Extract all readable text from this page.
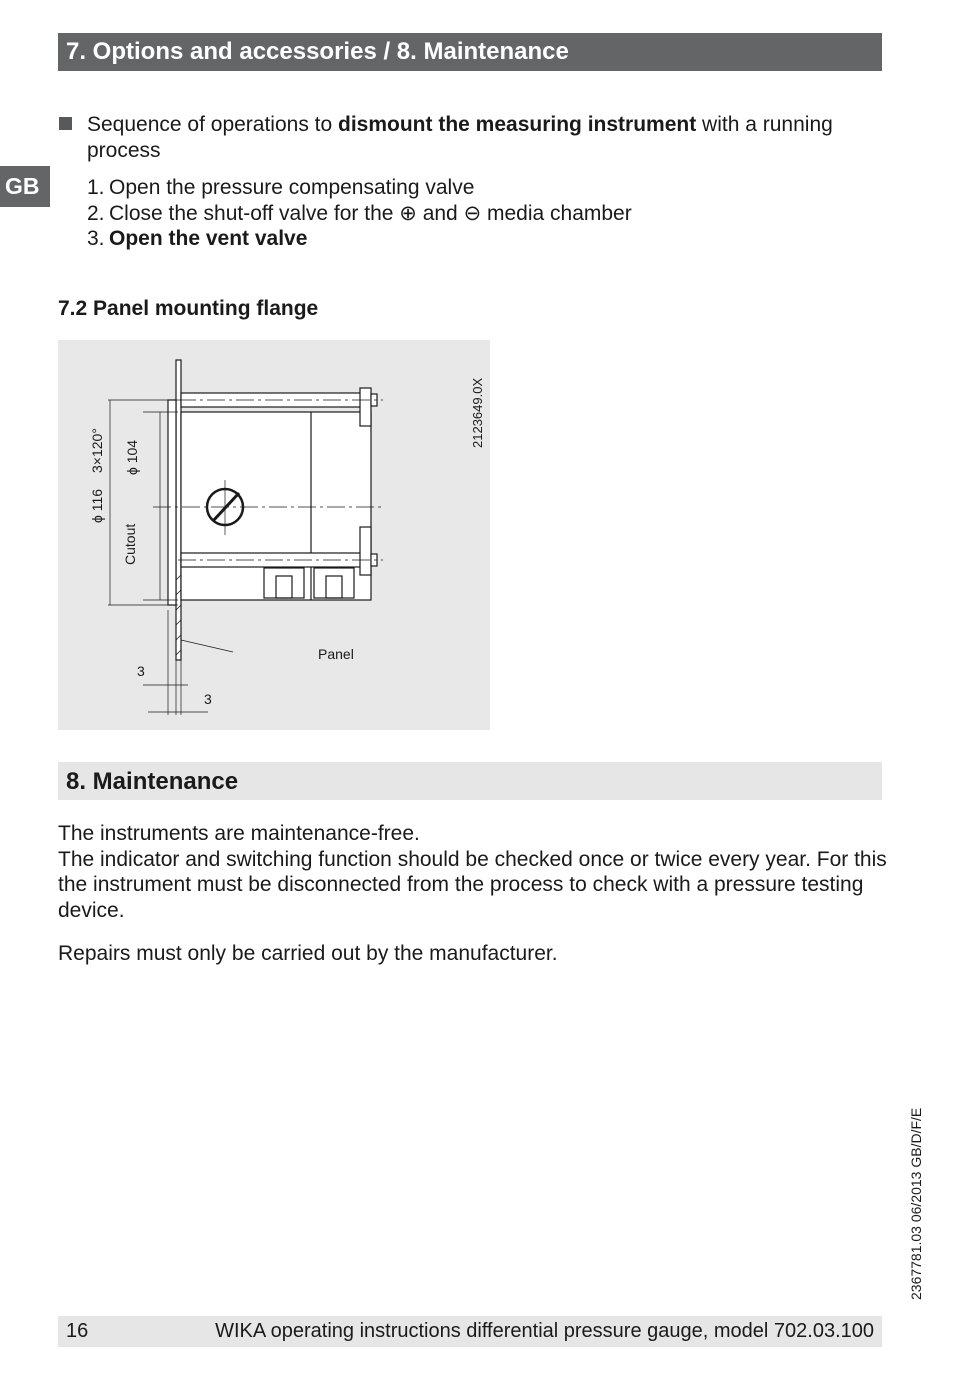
7. Options and accessories / 8. Maintenance
GB

Sequence of operations to dismount the measuring instrument with a running process

1. Open the pressure compensating valve
2. Close the shut-off valve for the ⊕ and ⊖ media chamber
3. Open the vent valve
7.2 Panel mounting flange
Panel
Cutout
ϕ 116
3×120° ϕ 104
3
3
2123649.0X
8. Maintenance
The instruments are maintenance-free.
The indicator and switching function should be checked once or twice every year. For this the instrument must be disconnected from the process to check with a pressure testing device.

Repairs must only be carried out by the manufacturer.

2367781.03 06/2013 GB/D/F/E
16	WIKA operating instructions differential pressure gauge, model 702.03.100
